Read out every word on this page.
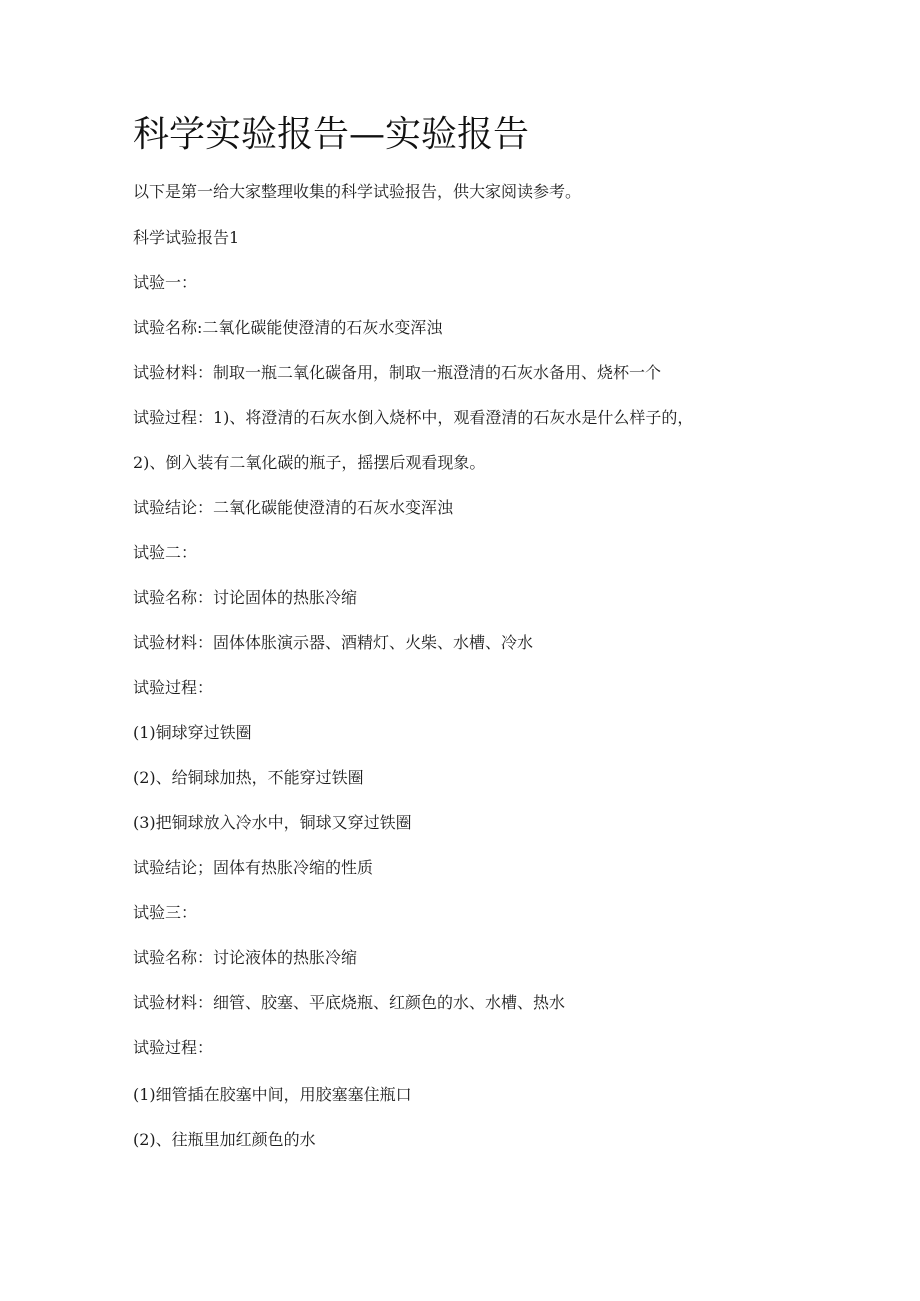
科学实验报告—实验报告

以下是第一给大家整理收集的科学试验报告，供大家阅读参考。

科学试验报告1

试验一：

试验名称:二氧化碳能使澄清的石灰水变浑浊

试验材料：制取一瓶二氧化碳备用，制取一瓶澄清的石灰水备用、烧杯一个

试验过程：1)、将澄清的石灰水倒入烧杯中，观看澄清的石灰水是什么样子的，

2)、倒入装有二氧化碳的瓶子，摇摆后观看现象。

试验结论：二氧化碳能使澄清的石灰水变浑浊

试验二：

试验名称：讨论固体的热胀冷缩

试验材料：固体体胀演示器、酒精灯、火柴、水槽、冷水

试验过程：

(1)铜球穿过铁圈

(2)、给铜球加热，不能穿过铁圈

(3)把铜球放入冷水中，铜球又穿过铁圈

试验结论；固体有热胀冷缩的性质

试验三：

试验名称：讨论液体的热胀冷缩

试验材料：细管、胶塞、平底烧瓶、红颜色的水、水槽、热水

试验过程：

(1)细管插在胶塞中间，用胶塞塞住瓶口

(2)、往瓶里加红颜色的水
